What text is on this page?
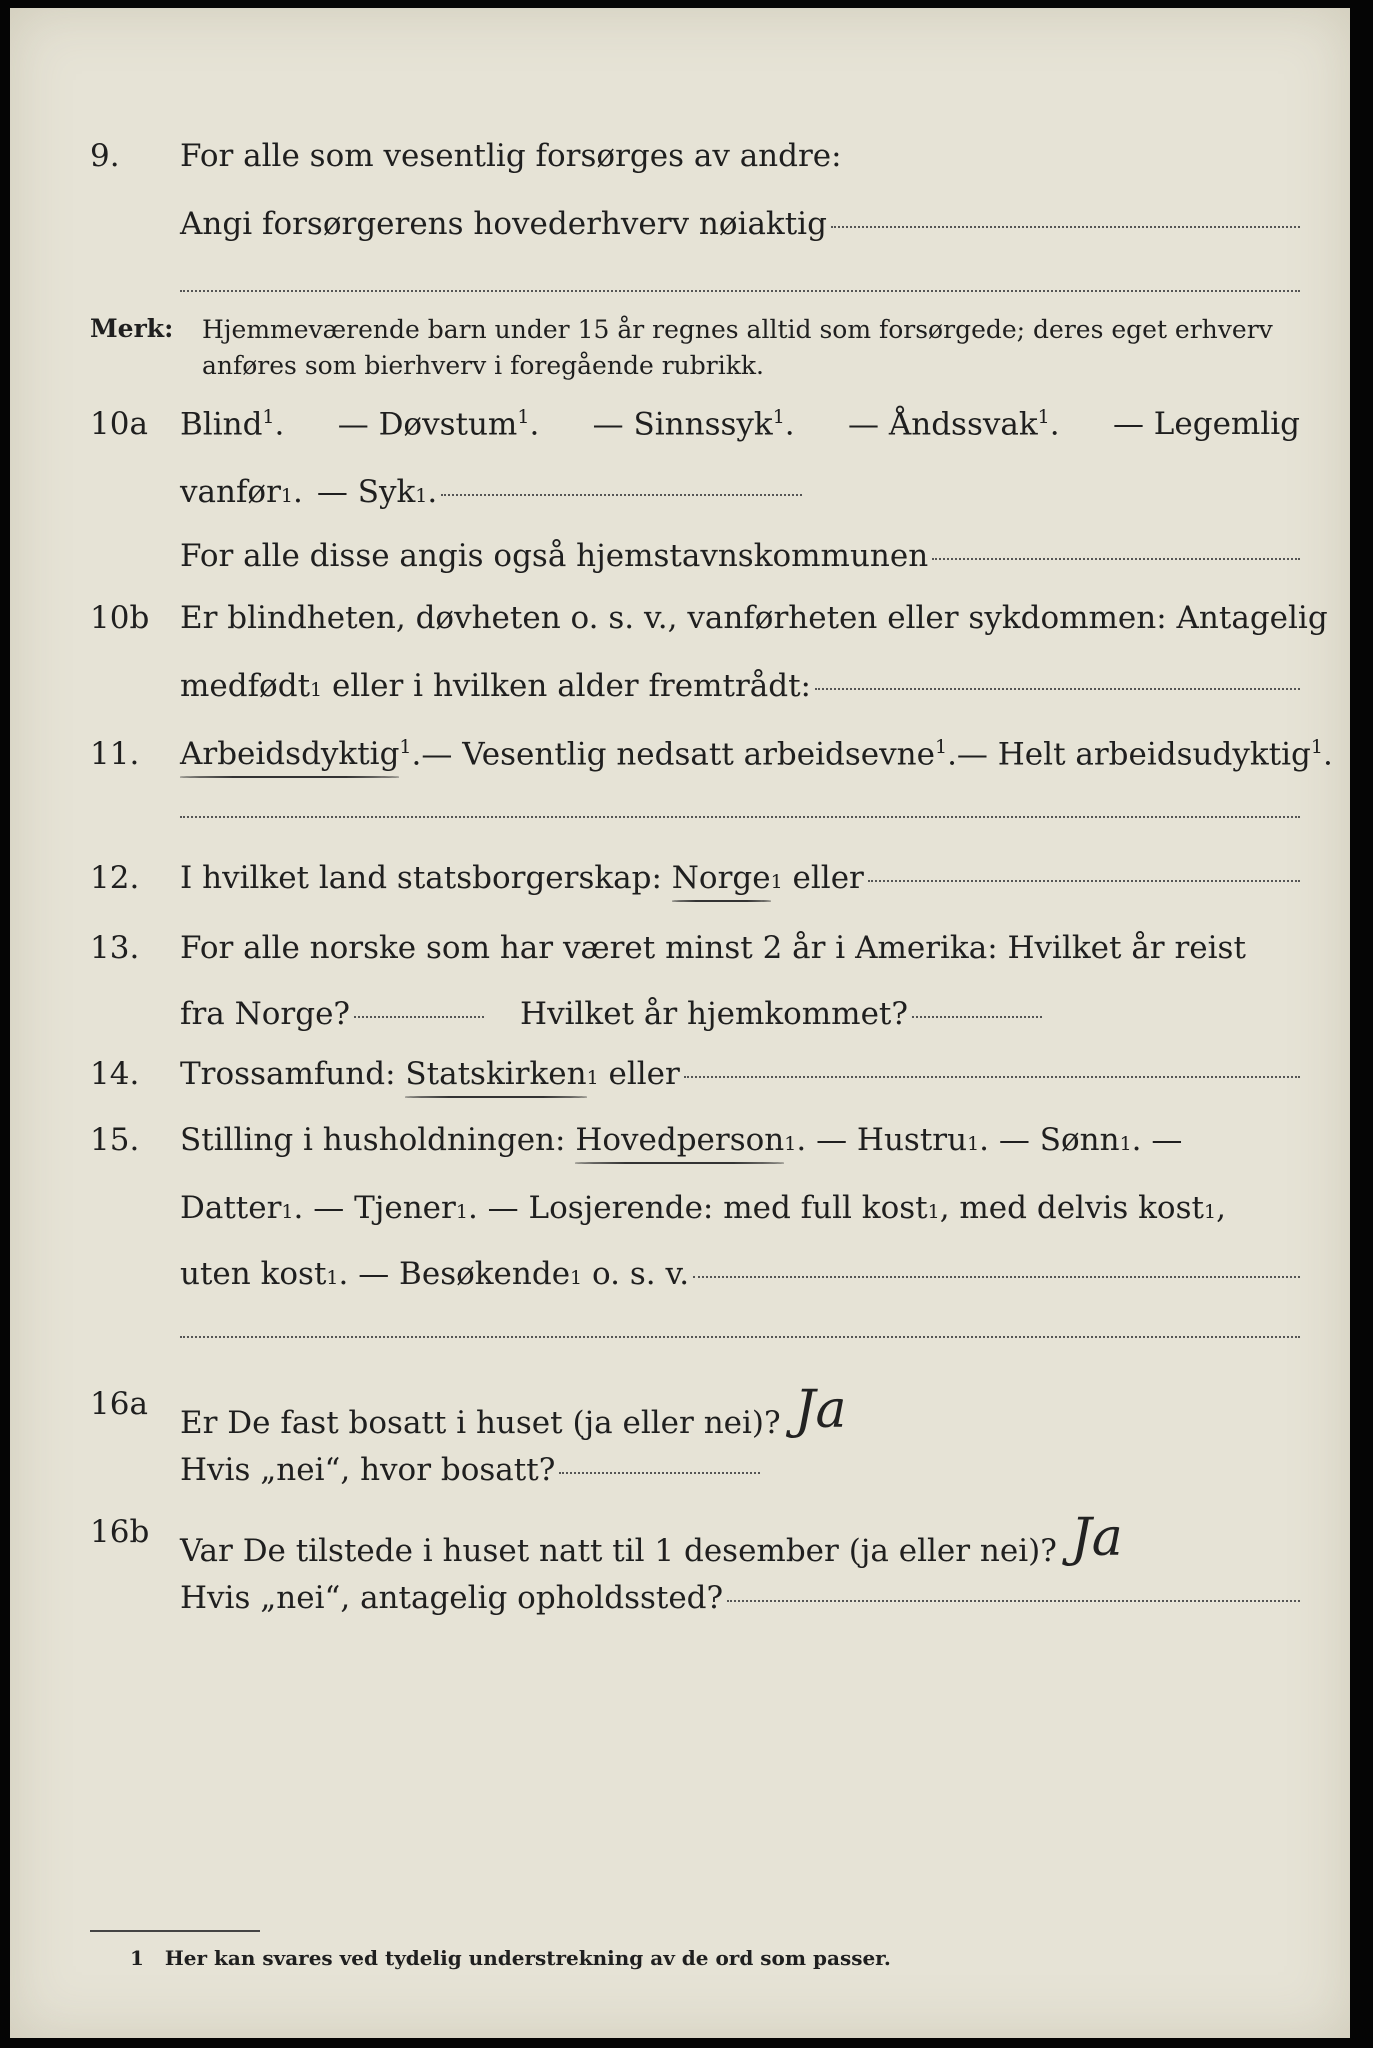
9. For alle som vesentlig forsørges av andre:
Angi forsørgerens hovederhverv nøiaktig
Merk: Hjemmeværende barn under 15 år regnes alltid som forsørgede; deres eget erhverv anføres som bierhverv i foregående rubrikk.
10a Blind$^1$. — Døvstum$^1$. — Sinnssyk$^1$. — Åndssvak$^1$. — Legemlig
vanfør 1 . — Syk 1 .
For alle disse angis også hjemstavnskommunen
10b Er blindheten, døvheten o. s. v., vanførheten eller sykdommen: Antagelig
medfødt 1 eller i hvilken alder fremtrådt:
11. Arbeidsdyktig$^1$. — Vesentlig nedsatt arbeidsevne$^1$. — Helt arbeidsudyktig$^1$.
12. I hvilket land statsborgerskap: Norge 1 eller
13. For alle norske som har været minst 2 år i Amerika: Hvilket år reist
fra Norge?	Hvilket år hjemkommet?
14. Trossamfund: Statskirken 1 eller
15. Stilling i husholdningen: Hovedperson 1 . — Hustru 1 . — Sønn 1 . —
Datter 1 . — Tjener 1 . — Losjerende: med full kost 1 , med delvis kost 1 ,
uten kost 1 . — Besøkende 1 o. s. v.
16a
Er De fast bosatt i huset (ja eller nei)? Ja
Hvis „nei“, hvor bosatt?
16b
Var De tilstede i huset natt til 1 desember (ja eller nei)? Ja
Hvis „nei“, antagelig opholdssted?
1 Her kan svares ved tydelig understrekning av de ord som passer.
